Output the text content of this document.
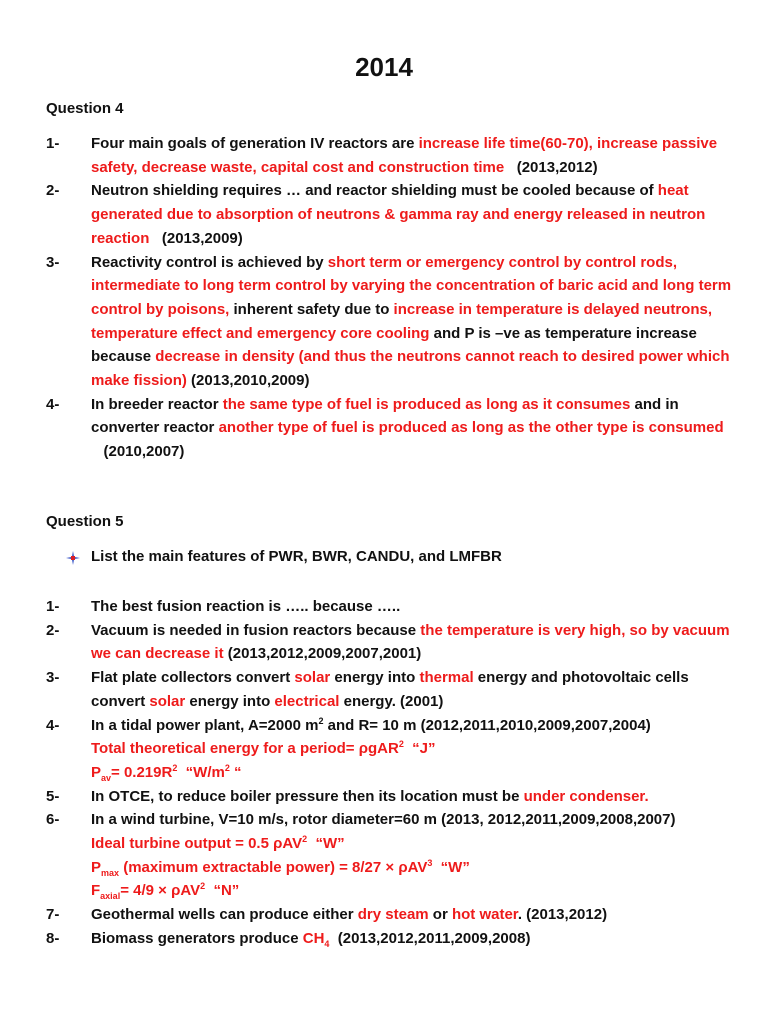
2014
Question 4
1- Four main goals of generation IV reactors are increase life time(60-70), increase passive safety, decrease waste, capital cost and construction time   (2013,2012)
2- Neutron shielding requires … and reactor shielding must be cooled because of heat generated due to absorption of neutrons & gamma ray and energy released in neutron reaction   (2013,2009)
3- Reactivity control is achieved by short term or emergency control by control rods, intermediate to long term control by varying the concentration of baric acid and long term control by poisons, inherent safety due to increase in temperature is delayed neutrons, temperature effect and emergency core cooling and P is –ve as temperature increase because decrease in density (and thus the neutrons cannot reach to desired power which make fission) (2013,2010,2009)
4- In breeder reactor the same type of fuel is produced as long as it consumes and in converter reactor another type of fuel is produced as long as the other type is consumed   (2010,2007)
Question 5
List the main features of PWR, BWR, CANDU, and LMFBR
1- The best fusion reaction is ….. because …..
2- Vacuum is needed in fusion reactors because the temperature is very high, so by vacuum we can decrease it (2013,2012,2009,2007,2001)
3- Flat plate collectors convert solar energy into thermal energy and photovoltaic cells convert solar energy into electrical energy. (2001)
4- In a tidal power plant, A=2000 $m^2$ and R= 10 m (2012,2011,2010,2009,2007,2004)
Total theoretical energy for a period= ρgAR$^2$  “J”
$P_{av}= 0.219R^2$  “$W/m^2$ “
5- In OTCE, to reduce boiler pressure then its location must be under condenser.
6- In a wind turbine, V=10 m/s, rotor diameter=60 m (2013, 2012,2011,2009,2008,2007)
Ideal turbine output = 0.5 ρAV$^2$  “W”
$P_{max}$ (maximum extractable power) = 8/27 × ρAV$^3$  “W”
$F_{axial}= 4/9 \times \rho AV^2$  “N”
7- Geothermal wells can produce either dry steam or hot water. (2013,2012)
8- Biomass generators produce $CH_4$  (2013,2012,2011,2009,2008)
